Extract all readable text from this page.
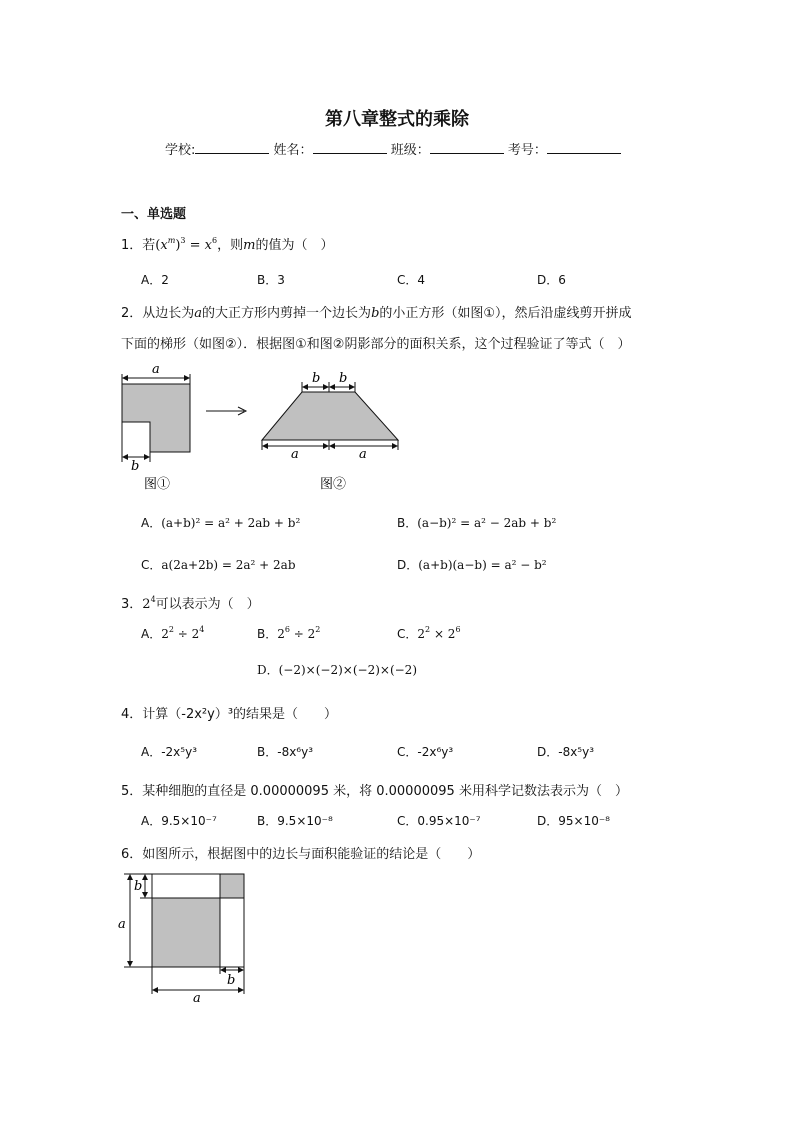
第八章整式的乘除
学校:	姓名：	班级：	考号：
一、单选题
1．若$(x^m)^3 = x^6$，则m的值为（　）
A．2	B．3	C．4	D．6
2．从边长为a的大正方形内剪掉一个边长为b的小正方形（如图①），然后沿虚线剪开拼成
下面的梯形（如图②）．根据图①和图②阴影部分的面积关系，这个过程验证了等式（　）
a
b
图①
b b
a	a
图②
A．(a+b)² = a² + 2ab + b²	B．(a−b)² = a² − 2ab + b²
C．a(2a+2b) = 2a² + 2ab	D．(a+b)(a−b) = a² − b²
3．$2^4$可以表示为（　）
A．$2^2 \div 2^4$	B．$2^6 \div 2^2$	C．$2^2 \times 2^6$
D．(−2)×(−2)×(−2)×(−2)
4．计算（-2x²y）³的结果是（　　）
A．-2x⁵y³	B．-8x⁶y³	C．-2x⁶y³	D．-8x⁵y³
5．某种细胞的直径是 0.00000095 米，将 0.00000095 米用科学记数法表示为（　）
A．9.5×10⁻⁷	B．9.5×10⁻⁸	C．0.95×10⁻⁷	D．95×10⁻⁸
6．如图所示，根据图中的边长与面积能验证的结论是（　　）
a
b
b
a
